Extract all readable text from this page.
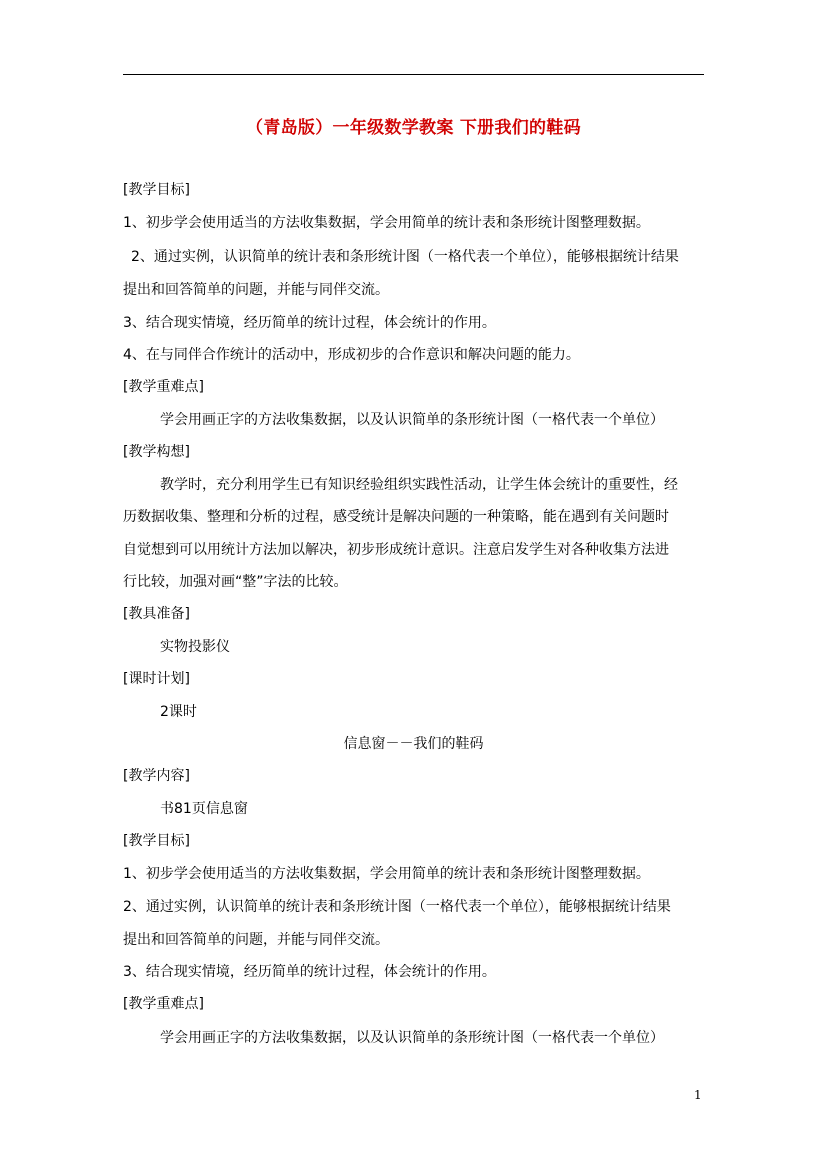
（青岛版）一年级数学教案 下册我们的鞋码
[教学目标]
1、初步学会使用适当的方法收集数据，学会用简单的统计表和条形统计图整理数据。
2、通过实例，认识简单的统计表和条形统计图（一格代表一个单位），能够根据统计结果
提出和回答简单的问题，并能与同伴交流。
3、结合现实情境，经历简单的统计过程，体会统计的作用。
4、在与同伴合作统计的活动中，形成初步的合作意识和解决问题的能力。
[教学重难点]
学会用画正字的方法收集数据，以及认识简单的条形统计图（一格代表一个单位）
[教学构想]
教学时，充分利用学生已有知识经验组织实践性活动，让学生体会统计的重要性，经
历数据收集、整理和分析的过程，感受统计是解决问题的一种策略，能在遇到有关问题时
自觉想到可以用统计方法加以解决，初步形成统计意识。注意启发学生对各种收集方法进
行比较，加强对画“整”字法的比较。
[教具准备]
实物投影仪
[课时计划]
2课时
信息窗－－我们的鞋码
[教学内容]
书81页信息窗
[教学目标]
1、初步学会使用适当的方法收集数据，学会用简单的统计表和条形统计图整理数据。
2、通过实例，认识简单的统计表和条形统计图（一格代表一个单位），能够根据统计结果
提出和回答简单的问题，并能与同伴交流。
3、结合现实情境，经历简单的统计过程，体会统计的作用。
[教学重难点]
学会用画正字的方法收集数据，以及认识简单的条形统计图（一格代表一个单位）
1
